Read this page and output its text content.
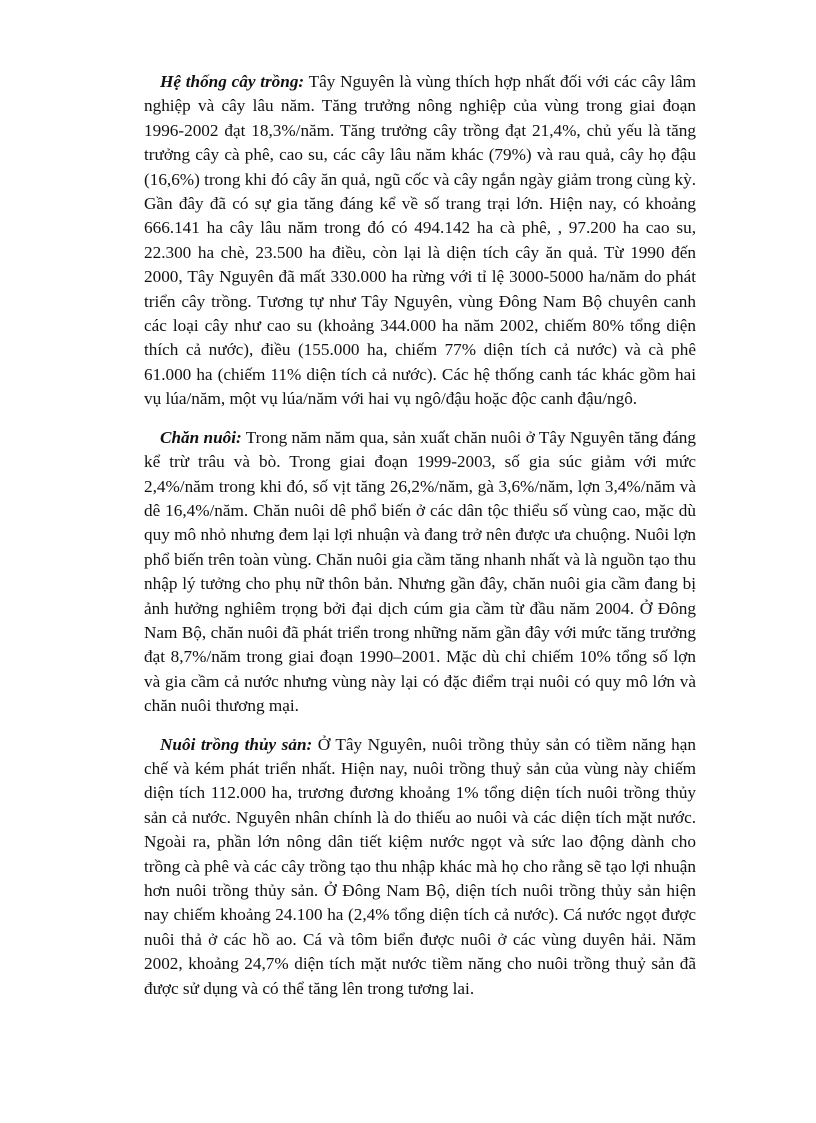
Hệ thống cây trồng: Tây Nguyên là vùng thích hợp nhất đối với các cây lâm nghiệp và cây lâu năm. Tăng trưởng nông nghiệp của vùng trong giai đoạn 1996-2002 đạt 18,3%/năm. Tăng trưởng cây trồng đạt 21,4%, chủ yếu là tăng trưởng cây cà phê, cao su, các cây lâu năm khác (79%) và rau quả, cây họ đậu (16,6%) trong khi đó cây ăn quả, ngũ cốc và cây ngắn ngày giảm trong cùng kỳ. Gần đây đã có sự gia tăng đáng kể về số trang trại lớn. Hiện nay, có khoảng 666.141 ha cây lâu năm trong đó có 494.142 ha cà phê, , 97.200 ha cao su, 22.300 ha chè, 23.500 ha điều, còn lại là diện tích cây ăn quả. Từ 1990 đến 2000, Tây Nguyên đã mất 330.000 ha rừng với tỉ lệ 3000-5000 ha/năm do phát triển cây trồng. Tương tự như Tây Nguyên, vùng Đông Nam Bộ chuyên canh các loại cây như cao su (khoảng 344.000 ha năm 2002, chiếm 80% tổng diện thích cả nước), điều (155.000 ha, chiếm 77% diện tích cả nước) và cà phê 61.000 ha (chiếm 11% diện tích cả nước). Các hệ thống canh tác khác gồm hai vụ lúa/năm, một vụ lúa/năm với hai vụ ngô/đậu hoặc độc canh đậu/ngô.

Chăn nuôi: Trong năm năm qua, sản xuất chăn nuôi ở Tây Nguyên tăng đáng kể trừ trâu và bò. Trong giai đoạn 1999-2003, số gia súc giảm với mức 2,4%/năm trong khi đó, số vịt tăng 26,2%/năm, gà 3,6%/năm, lợn 3,4%/năm và dê 16,4%/năm. Chăn nuôi dê phổ biến ở các dân tộc thiểu số vùng cao, mặc dù quy mô nhỏ nhưng đem lại lợi nhuận và đang trở nên được ưa chuộng. Nuôi lợn phổ biến trên toàn vùng. Chăn nuôi gia cầm tăng nhanh nhất và là nguồn tạo thu nhập lý tưởng cho phụ nữ thôn bản. Nhưng gần đây, chăn nuôi gia cầm đang bị ảnh hưởng nghiêm trọng bởi đại dịch cúm gia cầm từ đầu năm 2004. Ở Đông Nam Bộ, chăn nuôi đã phát triển trong những năm gần đây với mức tăng trưởng đạt 8,7%/năm trong giai đoạn 1990–2001. Mặc dù chỉ chiếm 10% tổng số lợn và gia cầm cả nước nhưng vùng này lại có đặc điểm trại nuôi có quy mô lớn và chăn nuôi thương mại.

Nuôi trồng thủy sản: Ở Tây Nguyên, nuôi trồng thủy sản có tiềm năng hạn chế và kém phát triển nhất. Hiện nay, nuôi trồng thuỷ sản của vùng này chiếm diện tích 112.000 ha, trương đương khoảng 1% tổng diện tích nuôi trồng thủy sản cả nước. Nguyên nhân chính là do thiếu ao nuôi và các diện tích mặt nước. Ngoài ra, phần lớn nông dân tiết kiệm nước ngọt và sức lao động dành cho trồng cà phê và các cây trồng tạo thu nhập khác mà họ cho rằng sẽ tạo lợi nhuận hơn nuôi trồng thủy sản. Ở Đông Nam Bộ, diện tích nuôi trồng thủy sản hiện nay chiếm khoảng 24.100 ha (2,4% tổng diện tích cả nước). Cá nước ngọt được nuôi thả ở các hồ ao. Cá và tôm biển được nuôi ở các vùng duyên hải. Năm 2002, khoảng 24,7% diện tích mặt nước tiềm năng cho nuôi trồng thuỷ sản đã được sử dụng và có thể tăng lên trong tương lai.
